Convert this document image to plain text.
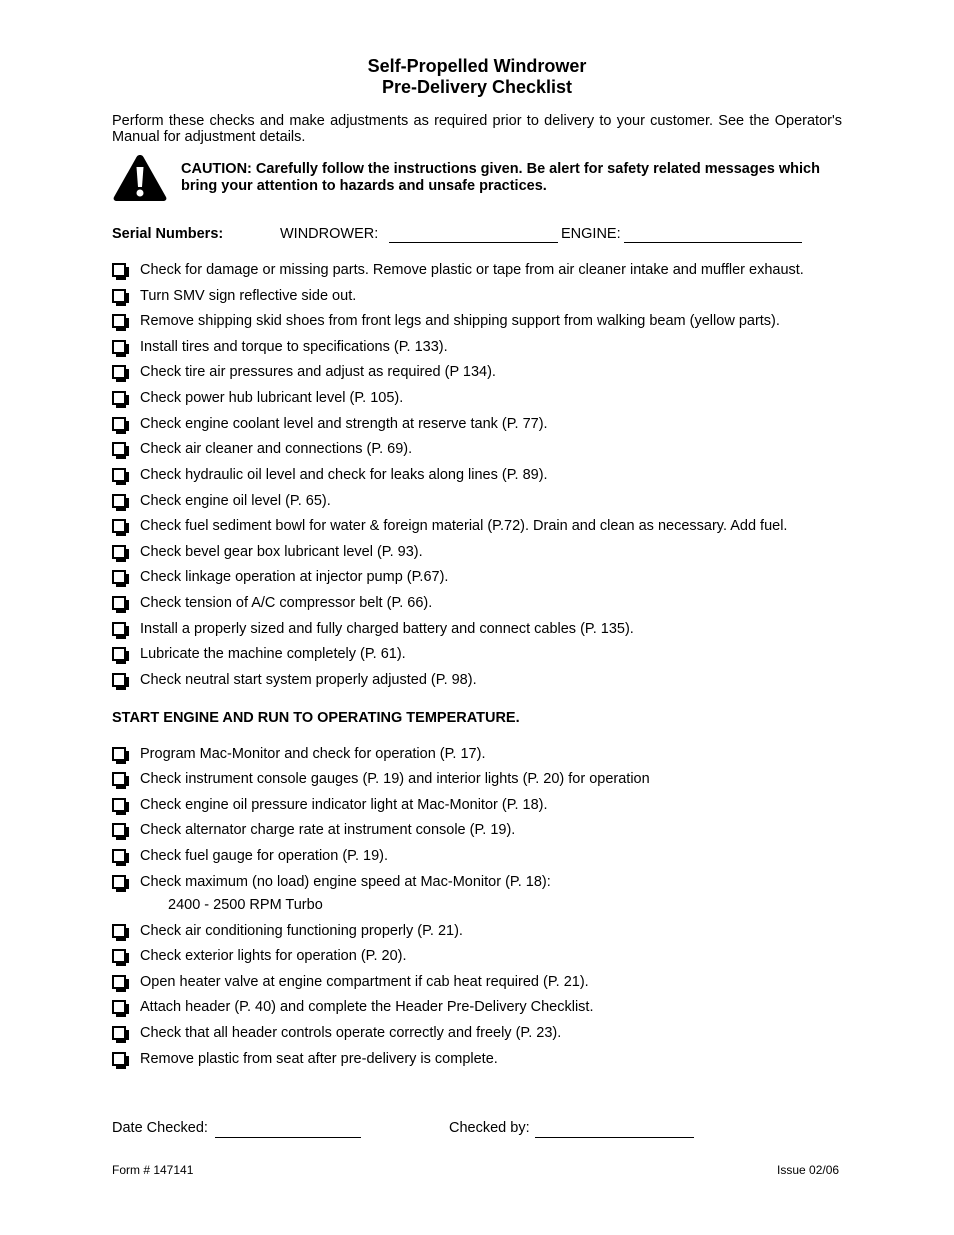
Self-Propelled Windrower
Pre-Delivery Checklist
Perform these checks and make adjustments as required prior to delivery to your customer. See the Operator's Manual for adjustment details.
CAUTION: Carefully follow the instructions given. Be alert for safety related messages which bring your attention to hazards and unsafe practices.
Serial Numbers:	WINDROWER:	ENGINE:
Check for damage or missing parts. Remove plastic or tape from air cleaner intake and muffler exhaust.
Turn SMV sign reflective side out.
Remove shipping skid shoes from front legs and shipping support from walking beam (yellow parts).
Install tires and torque to specifications (P. 133).
Check tire air pressures and adjust as required (P 134).
Check power hub lubricant level (P. 105).
Check engine coolant level and strength at reserve tank (P. 77).
Check air cleaner and connections (P. 69).
Check hydraulic oil level and check for leaks along lines (P. 89).
Check engine oil level (P. 65).
Check fuel sediment bowl for water & foreign material (P.72). Drain and clean as necessary. Add fuel.
Check bevel gear box lubricant level (P. 93).
Check linkage operation at injector pump (P.67).
Check tension of A/C compressor belt (P. 66).
Install a properly sized and fully charged battery and connect cables (P. 135).
Lubricate the machine completely (P. 61).
Check neutral start system properly adjusted (P. 98).
START ENGINE AND RUN TO OPERATING TEMPERATURE.
Program Mac-Monitor and check for operation (P. 17).
Check instrument console gauges (P. 19) and interior lights (P. 20) for operation
Check engine oil pressure indicator light at Mac-Monitor (P. 18).
Check alternator charge rate at instrument console (P. 19).
Check fuel gauge for operation (P. 19).
Check maximum (no load) engine speed at Mac-Monitor (P. 18):
2400 - 2500 RPM Turbo
Check air conditioning functioning properly (P. 21).
Check exterior lights for operation (P. 20).
Open heater valve at engine compartment if cab heat required (P. 21).
Attach header (P. 40) and complete the Header Pre-Delivery Checklist.
Check that all header controls operate correctly and freely (P. 23).
Remove plastic from seat after pre-delivery is complete.
Date Checked:	Checked by:
Form # 147141	Issue 02/06
